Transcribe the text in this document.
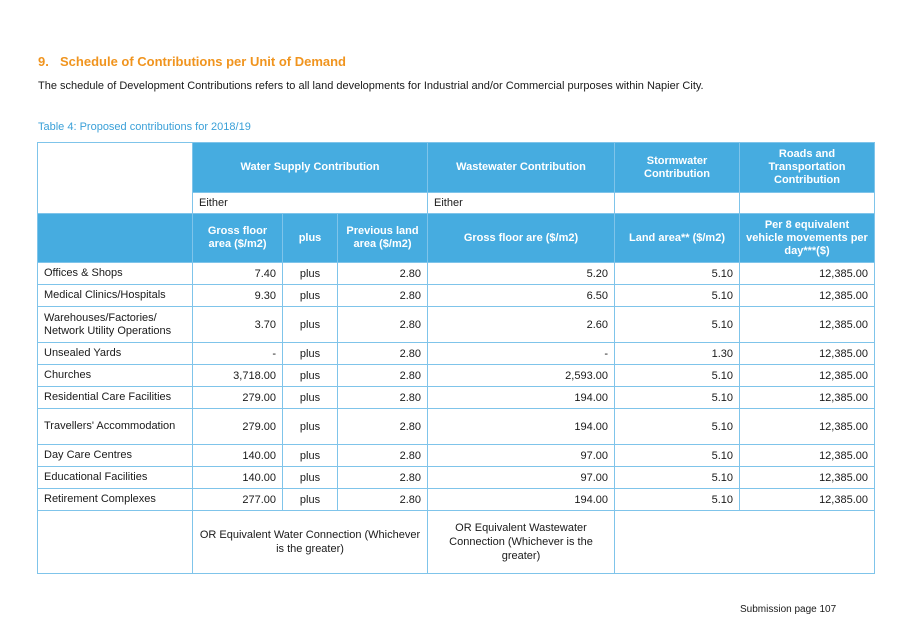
9. Schedule of Contributions per Unit of Demand
The schedule of Development Contributions refers to all land developments for Industrial and/or Commercial purposes within Napier City.
Table 4: Proposed contributions for 2018/19
	Water Supply Contribution			Wastewater Contribution	Stormwater Contribution	Roads and Transportation Contribution
	Either			Either		
	Gross floor area ($/m2)	plus	Previous land area ($/m2)	Gross floor are ($/m2)	Land area** ($/m2)	Per 8 equivalent vehicle movements per day***($)
Offices & Shops	7.40	plus	2.80	5.20	5.10	12,385.00
Medical Clinics/Hospitals	9.30	plus	2.80	6.50	5.10	12,385.00
Warehouses/Factories/ Network Utility Operations	3.70	plus	2.80	2.60	5.10	12,385.00
Unsealed Yards	-	plus	2.80	-	1.30	12,385.00
Churches	3,718.00	plus	2.80	2,593.00	5.10	12,385.00
Residential Care Facilities	279.00	plus	2.80	194.00	5.10	12,385.00
Travellers' Accommodation	279.00	plus	2.80	194.00	5.10	12,385.00
Day Care Centres	140.00	plus	2.80	97.00	5.10	12,385.00
Educational Facilities	140.00	plus	2.80	97.00	5.10	12,385.00
Retirement Complexes	277.00	plus	2.80	194.00	5.10	12,385.00
	OR Equivalent Water Connection (Whichever is the greater)			OR Equivalent Wastewater Connection (Whichever is the greater)		
Submission page 107
